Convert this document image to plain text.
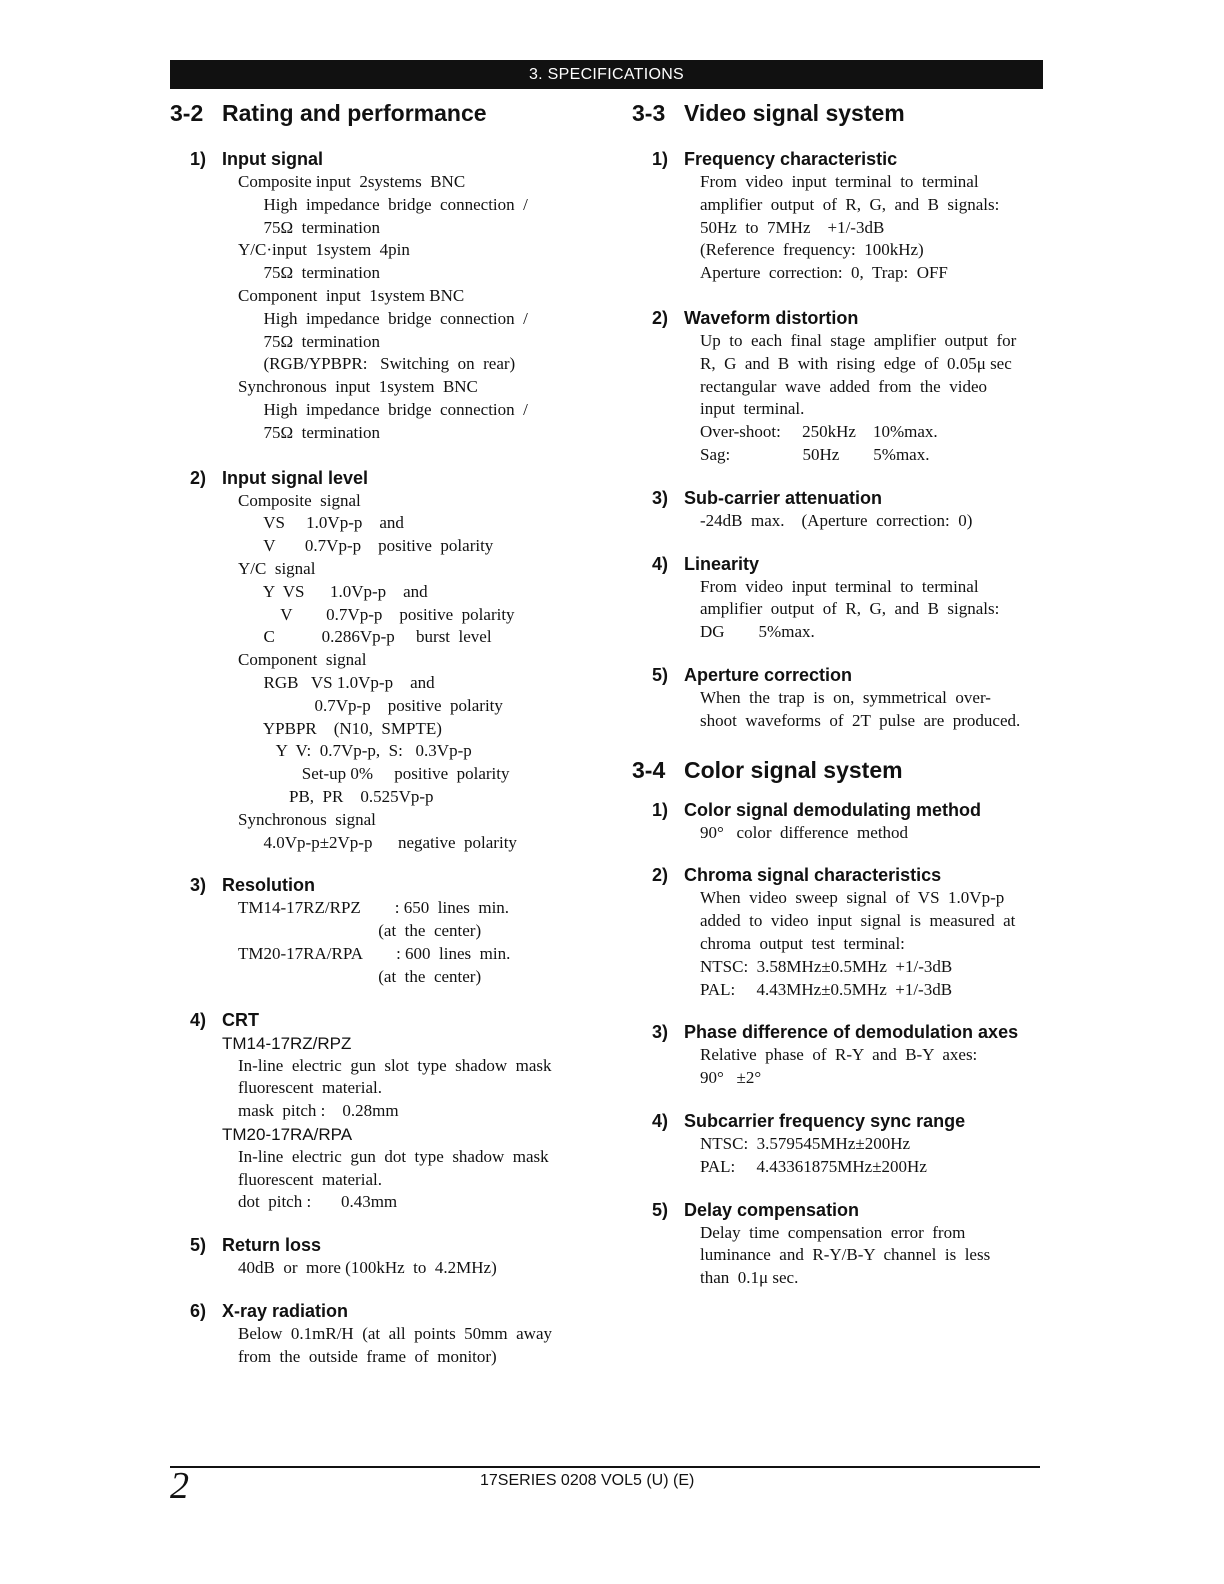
3. SPECIFICATIONS
3-2 Rating and performance
1) Input signal
Composite input  2systems  BNC
High  impedance  bridge  connection  /
75Ω  termination
Y/C·input  1system  4pin
75Ω  termination
Component  input  1system BNC
High  impedance  bridge  connection  /
75Ω  termination
(RGB/YPBPR:   Switching  on  rear)
Synchronous  input  1system  BNC
High  impedance  bridge  connection  /
75Ω  termination
2) Input signal level
Composite  signal
VS     1.0Vp-p    and
V       0.7Vp-p    positive  polarity
Y/C  signal
Y  VS      1.0Vp-p    and
V        0.7Vp-p    positive  polarity
C           0.286Vp-p     burst  level
Component  signal
RGB   VS 1.0Vp-p    and
0.7Vp-p    positive  polarity
YPBPR    (N10,  SMPTE)
Y  V:  0.7Vp-p,  S:   0.3Vp-p
Set-up 0%     positive  polarity
PB,  PR    0.525Vp-p
Synchronous  signal
4.0Vp-p±2Vp-p      negative  polarity
3) Resolution
TM14-17RZ/RPZ        : 650  lines  min.
(at  the  center)
TM20-17RA/RPA        : 600  lines  min.
(at  the  center)
4) CRT
TM14-17RZ/RPZ
In-line  electric  gun  slot  type  shadow  mask
fluorescent  material.
mask  pitch :    0.28mm
TM20-17RA/RPA
In-line  electric  gun  dot  type  shadow  mask
fluorescent  material.
dot  pitch :       0.43mm
5) Return loss
40dB  or  more (100kHz  to  4.2MHz)
6) X-ray radiation
Below  0.1mR/H  (at  all  points  50mm  away
from  the  outside  frame  of  monitor)
3-3 Video signal system
1) Frequency characteristic
From  video  input  terminal  to  terminal
amplifier  output  of  R,  G,  and  B  signals:
50Hz  to  7MHz    +1/-3dB
(Reference  frequency:  100kHz)
Aperture  correction:  0,  Trap:  OFF
2) Waveform distortion
Up  to  each  final  stage  amplifier  output  for
R,  G  and  B  with  rising  edge  of  0.05μ sec
rectangular  wave  added  from  the  video
input  terminal.
Over-shoot:     250kHz    10%max.
Sag:                 50Hz        5%max.
3) Sub-carrier attenuation
-24dB  max.    (Aperture  correction:  0)
4) Linearity
From  video  input  terminal  to  terminal
amplifier  output  of  R,  G,  and  B  signals:
DG        5%max.
5) Aperture correction
When  the  trap  is  on,  symmetrical  over-
shoot  waveforms  of  2T  pulse  are  produced.
3-4 Color signal system
1) Color signal demodulating method
90°   color  difference  method
2) Chroma signal characteristics
When  video  sweep  signal  of  VS  1.0Vp-p
added  to  video  input  signal  is  measured  at
chroma  output  test  terminal:
NTSC:  3.58MHz±0.5MHz  +1/-3dB
PAL:     4.43MHz±0.5MHz  +1/-3dB
3) Phase difference of demodulation axes
Relative  phase  of  R-Y  and  B-Y  axes:
90°   ±2°
4) Subcarrier frequency sync range
NTSC:  3.579545MHz±200Hz
PAL:     4.43361875MHz±200Hz
5) Delay compensation
Delay  time  compensation  error  from
luminance  and  R-Y/B-Y  channel  is  less
than  0.1μ sec.
2	17SERIES 0208 VOL5 (U) (E)
